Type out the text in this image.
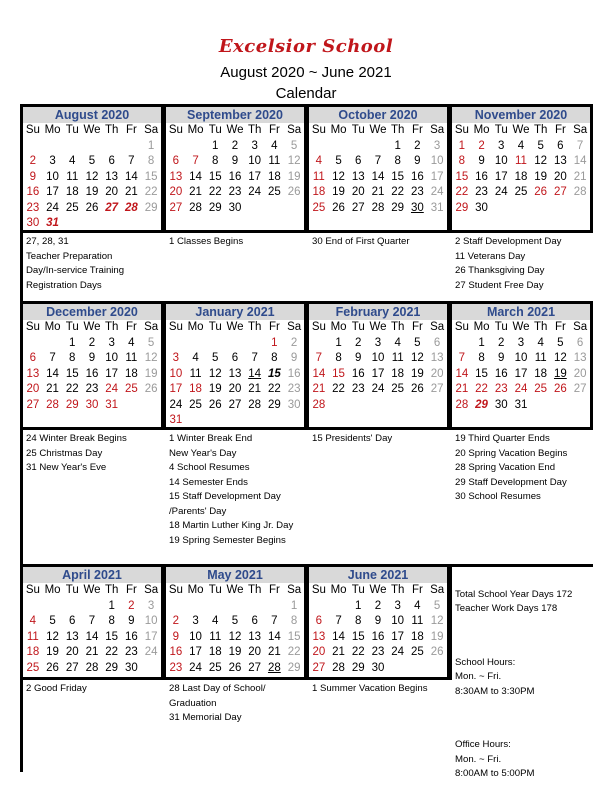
Excelsior School
August 2020 ~ June 2021
Calendar
August 2020
Su	Mo	Tu	We	Th	Fr	Sa
						1
2	3	4	5	6	7	8
9	10	11	12	13	14	15
16	17	18	19	20	21	22
23	24	25	26	27	28	29
30	31					
27, 28, 31
Teacher Preparation
Day/In-service Training
Registration Days
September 2020
Su	Mo	Tu	We	Th	Fr	Sa
		1	2	3	4	5
6	7	8	9	10	11	12
13	14	15	16	17	18	19
20	21	22	23	24	25	26
27	28	29	30			
1 Classes Begins
October 2020
Su	Mo	Tu	We	Th	Fr	Sa
				1	2	3
4	5	6	7	8	9	10
11	12	13	14	15	16	17
18	19	20	21	22	23	24
25	26	27	28	29	30	31
30 End of First Quarter
November 2020
Su	Mo	Tu	We	Th	Fr	Sa
1	2	3	4	5	6	7
8	9	10	11	12	13	14
15	16	17	18	19	20	21
22	23	24	25	26	27	28
29	30					
2 Staff Development Day
11 Veterans Day
26 Thanksgiving Day
27 Student Free Day
December 2020
Su	Mo	Tu	We	Th	Fr	Sa
		1	2	3	4	5
6	7	8	9	10	11	12
13	14	15	16	17	18	19
20	21	22	23	24	25	26
27	28	29	30	31		
24 Winter Break Begins
25 Christmas Day
31 New Year's Eve
January 2021
Su	Mo	Tu	We	Th	Fr	Sa
					1	2
3	4	5	6	7	8	9
10	11	12	13	14	15	16
17	18	19	20	21	22	23
24	25	26	27	28	29	30
31						
1 Winter Break End
New Year's Day
4 School Resumes
14 Semester Ends
15 Staff Development Day
/Parents' Day
18 Martin Luther King Jr. Day
19 Spring Semester Begins
February 2021
Su	Mo	Tu	We	Th	Fr	Sa
	1	2	3	4	5	6
7	8	9	10	11	12	13
14	15	16	17	18	19	20
21	22	23	24	25	26	27
28						
15 Presidents' Day
March 2021
Su	Mo	Tu	We	Th	Fr	Sa
	1	2	3	4	5	6
7	8	9	10	11	12	13
14	15	16	17	18	19	20
21	22	23	24	25	26	27
28	29	30	31			
19 Third Quarter Ends
20 Spring Vacation Begins
28 Spring Vacation End
29 Staff Development Day
30 School Resumes
April 2021
Su	Mo	Tu	We	Th	Fr	Sa
				1	2	3
4	5	6	7	8	9	10
11	12	13	14	15	16	17
18	19	20	21	22	23	24
25	26	27	28	29	30	
2 Good Friday
May 2021
Su	Mo	Tu	We	Th	Fr	Sa
						1
2	3	4	5	6	7	8
9	10	11	12	13	14	15
16	17	18	19	20	21	22
23	24	25	26	27	28	29

28 Last Day of School/
Graduation
31 Memorial Day
June 2021
Su	Mo	Tu	We	Th	Fr	Sa
		1	2	3	4	5
6	7	8	9	10	11	12
13	14	15	16	17	18	19
20	21	22	23	24	25	26
27	28	29	30			
1 Summer Vacation Begins

Total School Year Days 172
Teacher Work Days 178

School Hours:
Mon. ~ Fri.
8:30AM to 3:30PM

Office Hours:
Mon. ~ Fri.
8:00AM to 5:00PM
